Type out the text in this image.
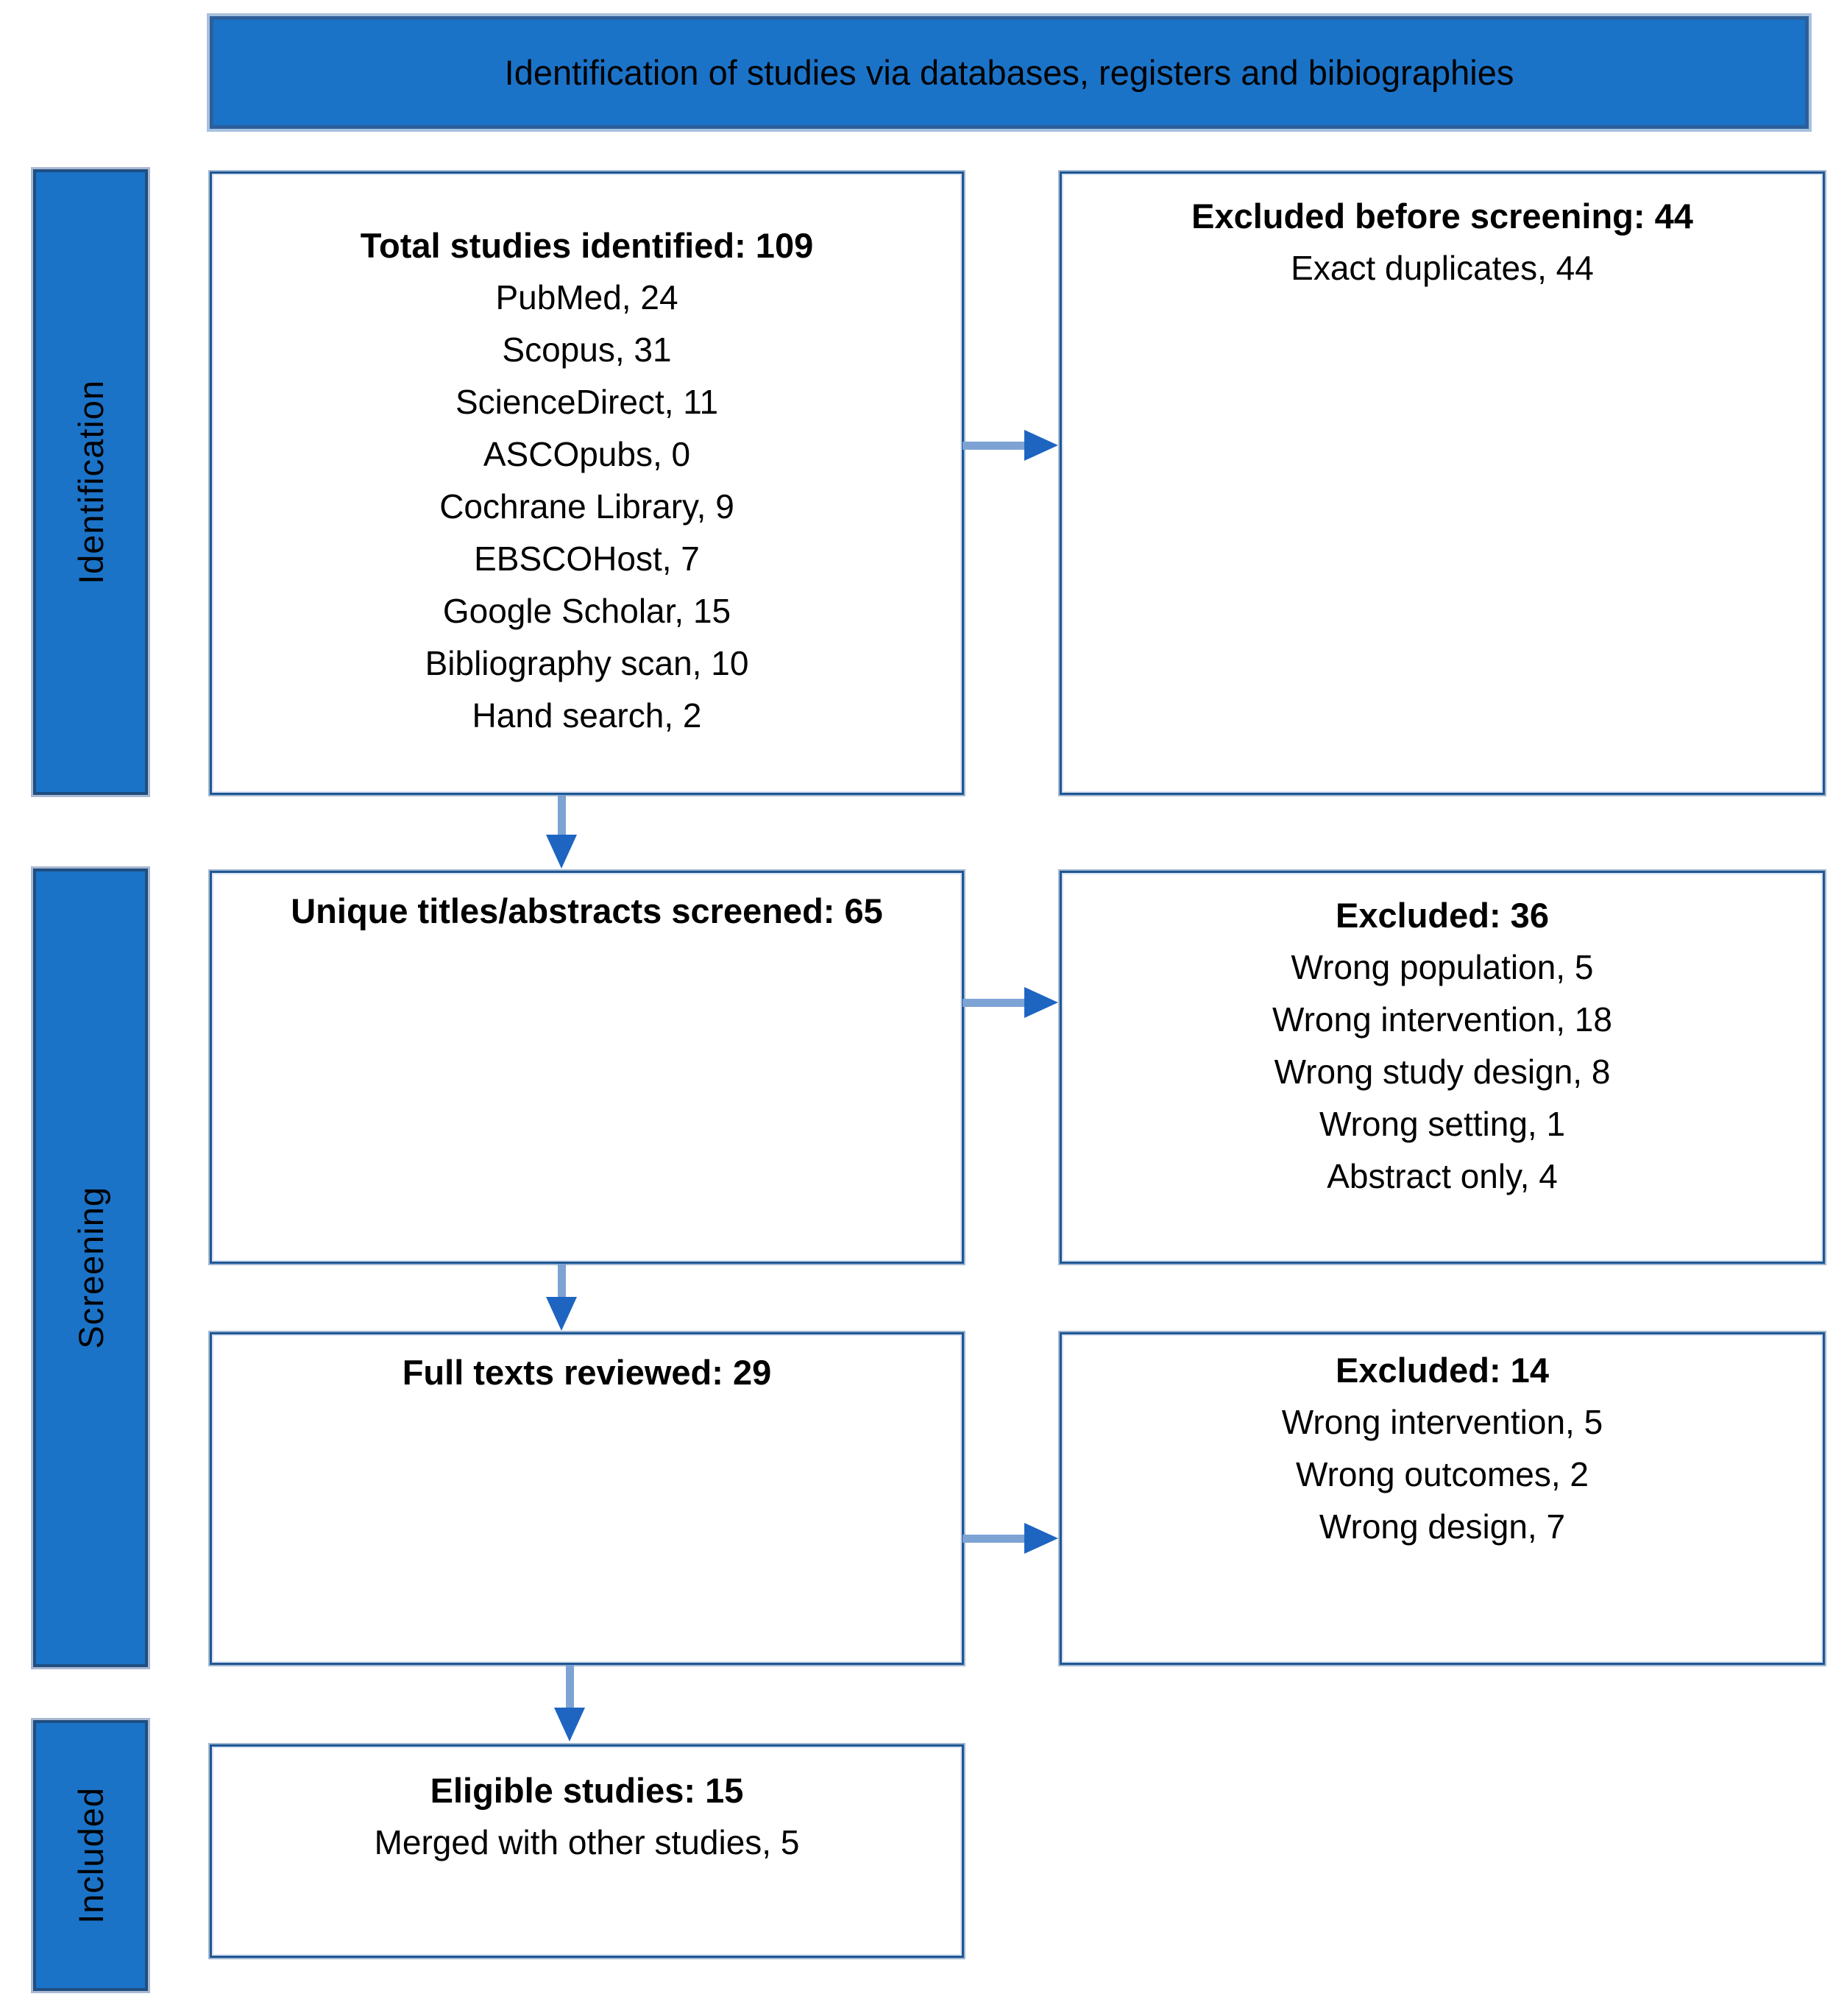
Identification of studies via databases, registers and bibiographies
Identification
Screening
Included
Total studies identified: 109
PubMed, 24
Scopus, 31
ScienceDirect, 11
ASCOpubs, 0
Cochrane Library, 9
EBSCOHost, 7
Google Scholar, 15
Bibliography scan, 10
Hand search, 2
Excluded before screening: 44
Exact duplicates, 44
Unique titles/abstracts screened: 65	Excluded: 36
Wrong population, 5
Wrong intervention, 18
Wrong study design, 8
Wrong setting, 1
Abstract only, 4
Full texts reviewed: 29	Excluded: 14
Wrong intervention, 5
Wrong outcomes, 2
Wrong design, 7
Eligible studies: 15
Merged with other studies, 5
